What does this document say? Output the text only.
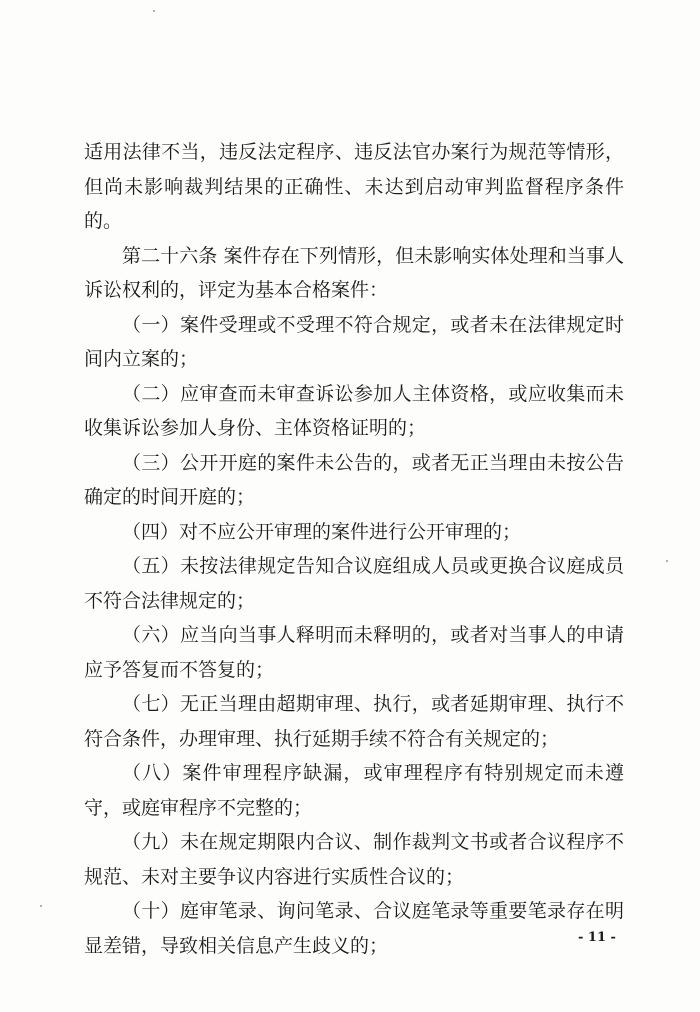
适用法律不当，违反法定程序、违反法官办案行为规范等情形，但尚未影响裁判结果的正确性、未达到启动审判监督程序条件的。

第二十六条 案件存在下列情形，但未影响实体处理和当事人诉讼权利的，评定为基本合格案件：

（一）案件受理或不受理不符合规定，或者未在法律规定时间内立案的；

（二）应审查而未审查诉讼参加人主体资格，或应收集而未收集诉讼参加人身份、主体资格证明的；

（三）公开开庭的案件未公告的，或者无正当理由未按公告确定的时间开庭的；

（四）对不应公开审理的案件进行公开审理的；

（五）未按法律规定告知合议庭组成人员或更换合议庭成员不符合法律规定的；

（六）应当向当事人释明而未释明的，或者对当事人的申请应予答复而不答复的；

（七）无正当理由超期审理、执行，或者延期审理、执行不符合条件，办理审理、执行延期手续不符合有关规定的；

（八）案件审理程序缺漏，或审理程序有特别规定而未遵守，或庭审程序不完整的；

（九）未在规定期限内合议、制作裁判文书或者合议程序不规范、未对主要争议内容进行实质性合议的；

（十）庭审笔录、询问笔录、合议庭笔录等重要笔录存在明显差错，导致相关信息产生歧义的；	- 11 -
